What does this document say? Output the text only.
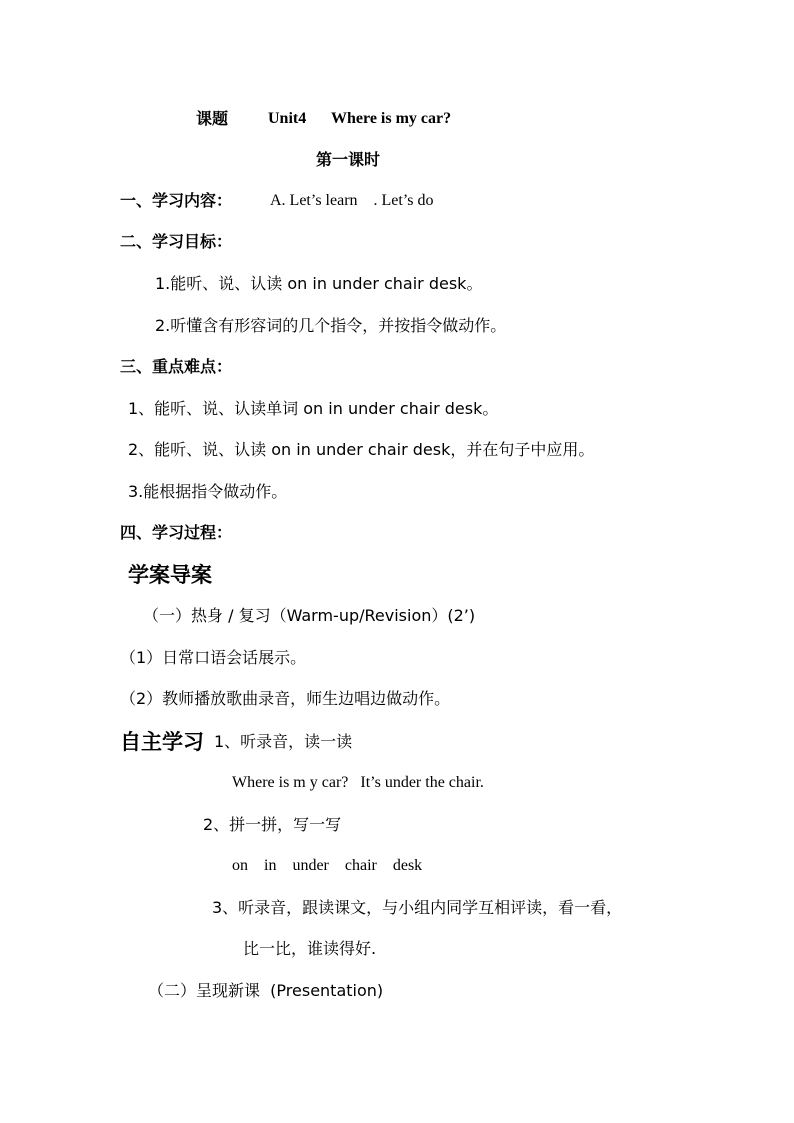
课题 Unit4 Where is my car?
第一课时
一、学习内容： A. Let’s learn    . Let’s do
二、学习目标：
1.能听、说、认读 on in under chair desk。
2.听懂含有形容词的几个指令，并按指令做动作。
三、重点难点：
1、能听、说、认读单词 on in under chair desk。
2、能听、说、认读 on in under chair desk，并在句子中应用。
3.能根据指令做动作。
四、学习过程：
学案导案
（一）热身 / 复习（Warm-up/Revision）(2’)
（1）日常口语会话展示。
（2）教师播放歌曲录音，师生边唱边做动作。
自主学习 1、听录音，读一读
Where is m y car?   It’s under the chair.
2、拼一拼，写一写
on    in    under    chair    desk
3、听录音，跟读课文，与小组内同学互相评读，看一看，
比一比，谁读得好.
（二）呈现新课  (Presentation)
